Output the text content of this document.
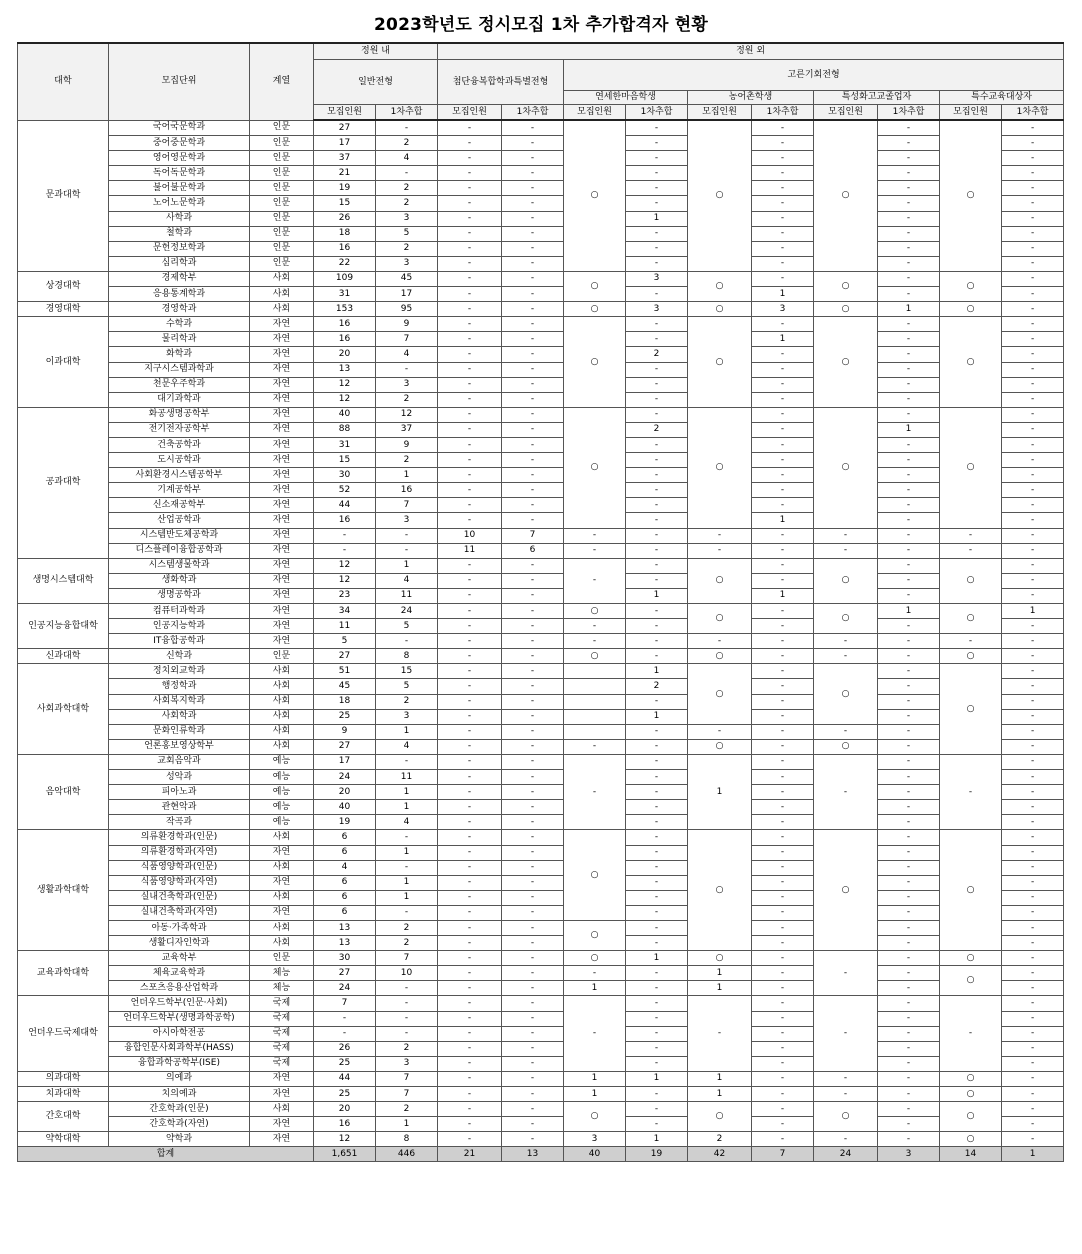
2023학년도 정시모집 1차 추가합격자 현황
대학	모집단위	계열	정원 내		정원 외									
			일반전형		첨단융복합학과특별전형		고른기회전형							
							연세한마음학생		농어촌학생		특성화고교졸업자		특수교육대상자	
			모집인원	1차추합	모집인원	1차추합	모집인원	1차추합	모집인원	1차추합	모집인원	1차추합	모집인원	1차추합
문과대학	국어국문학과	인문	27	-	-	-	○	-	○	-	○	-	○	-
	중어중문학과	인문	17	2	-	-		-		-		-		-
	영어영문학과	인문	37	4	-	-		-		-		-		-
	독어독문학과	인문	21	-	-	-		-		-		-		-
	불어불문학과	인문	19	2	-	-		-		-		-		-
	노어노문학과	인문	15	2	-	-		-		-		-		-
	사학과	인문	26	3	-	-		1		-		-		-
	철학과	인문	18	5	-	-		-		-		-		-
	문헌정보학과	인문	16	2	-	-		-		-		-		-
	심리학과	인문	22	3	-	-		-		-		-		-
상경대학	경제학부	사회	109	45	-	-	○	3	○	-	○	-	○	-
	응용통계학과	사회	31	17	-	-		-		1		-		-
경영대학	경영학과	사회	153	95	-	-	○	3	○	3	○	1	○	-
이과대학	수학과	자연	16	9	-	-	○	-	○	-	○	-	○	-
	물리학과	자연	16	7	-	-		-		1		-		-
	화학과	자연	20	4	-	-		2		-		-		-
	지구시스템과학과	자연	13	-	-	-		-		-		-		-
	천문우주학과	자연	12	3	-	-		-		-		-		-
	대기과학과	자연	12	2	-	-		-		-		-		-
공과대학	화공생명공학부	자연	40	12	-	-	○	-	○	-	○	-	○	-
	전기전자공학부	자연	88	37	-	-		2		-		1		-
	건축공학과	자연	31	9	-	-		-		-		-		-
	도시공학과	자연	15	2	-	-		-		-		-		-
	사회환경시스템공학부	자연	30	1	-	-		-		-		-		-
	기계공학부	자연	52	16	-	-		-		-		-		-
	신소재공학부	자연	44	7	-	-		-		-		-		-
	산업공학과	자연	16	3	-	-		-		1		-		-
	시스템반도체공학과	자연	-	-	10	7	-	-	-	-	-	-	-	-
	디스플레이융합공학과	자연	-	-	11	6	-	-	-	-	-	-	-	-
생명시스템대학	시스템생물학과	자연	12	1	-	-	-	-	○	-	○	-	○	-
	생화학과	자연	12	4	-	-		-		-		-		-
	생명공학과	자연	23	11	-	-		1		1		-		-
인공지능융합대학	컴퓨터과학과	자연	34	24	-	-	○	-	○	-	○	1	○	1
	인공지능학과	자연	11	5	-	-	-	-		-		-		-
	IT융합공학과	자연	5	-	-	-	-	-	-	-	-	-	-	-
신과대학	신학과	인문	27	8	-	-	○	-	○	-	-	-	○	-
사회과학대학	정치외교학과	사회	51	15	-	-		1	○	-	○	-	○	-
	행정학과	사회	45	5	-	-		2		-		-		-
	사회복지학과	사회	18	2	-	-		-		-		-		-
	사회학과	사회	25	3	-	-		1		-		-		-
	문화인류학과	사회	9	1	-	-		-	-	-	-	-		-
	언론홍보영상학부	사회	27	4	-	-	-	-	○	-	○	-		-
음악대학	교회음악과	예능	17	-	-	-	-	-	1	-	-	-	-	-
	성악과	예능	24	11	-	-		-		-		-		-
	피아노과	예능	20	1	-	-		-		-		-		-
	관현악과	예능	40	1	-	-		-		-		-		-
	작곡과	예능	19	4	-	-		-		-		-		-
생활과학대학	의류환경학과(인문)	사회	6	-	-	-	○	-	○	-	○	-	○	-
	의류환경학과(자연)	자연	6	1	-	-		-		-		-		-
	식품영양학과(인문)	사회	4	-	-	-		-		-		-		-
	식품영양학과(자연)	자연	6	1	-	-		-		-		-		-
	실내건축학과(인문)	사회	6	1	-	-		-		-		-		-
	실내건축학과(자연)	자연	6	-	-	-		-		-		-		-
	아동·가족학과	사회	13	2	-	-	○	-		-		-		-
	생활디자인학과	사회	13	2	-	-		-		-		-		-
교육과학대학	교육학부	인문	30	7	-	-	○	1	○	-	-	-	○	-
	체육교육학과	체능	27	10	-	-	-	-	1	-		-	○	-
	스포츠응용산업학과	체능	24	-	-	-	1	-	1	-		-		-
언더우드국제대학	언더우드학부(인문·사회)	국제	7	-	-	-	-	-	-	-	-	-	-	-
	언더우드학부(생명과학공학)	국제	-	-	-	-		-		-		-		-
	아시아학전공	국제	-	-	-	-		-		-		-		-
	융합인문사회과학부(HASS)	국제	26	2	-	-		-		-		-		-
	융합과학공학부(ISE)	국제	25	3	-	-		-		-		-		-
의과대학	의예과	자연	44	7	-	-	1	1	1	-	-	-	○	-
치과대학	치의예과	자연	25	7	-	-	1	-	1	-	-	-	○	-
간호대학	간호학과(인문)	사회	20	2	-	-	○	-	○	-	○	-	○	-
	간호학과(자연)	자연	16	1	-	-		-		-		-		-
약학대학	약학과	자연	12	8	-	-	3	1	2	-	-	-	○	-
합계			1,651	446	21	13	40	19	42	7	24	3	14	1
